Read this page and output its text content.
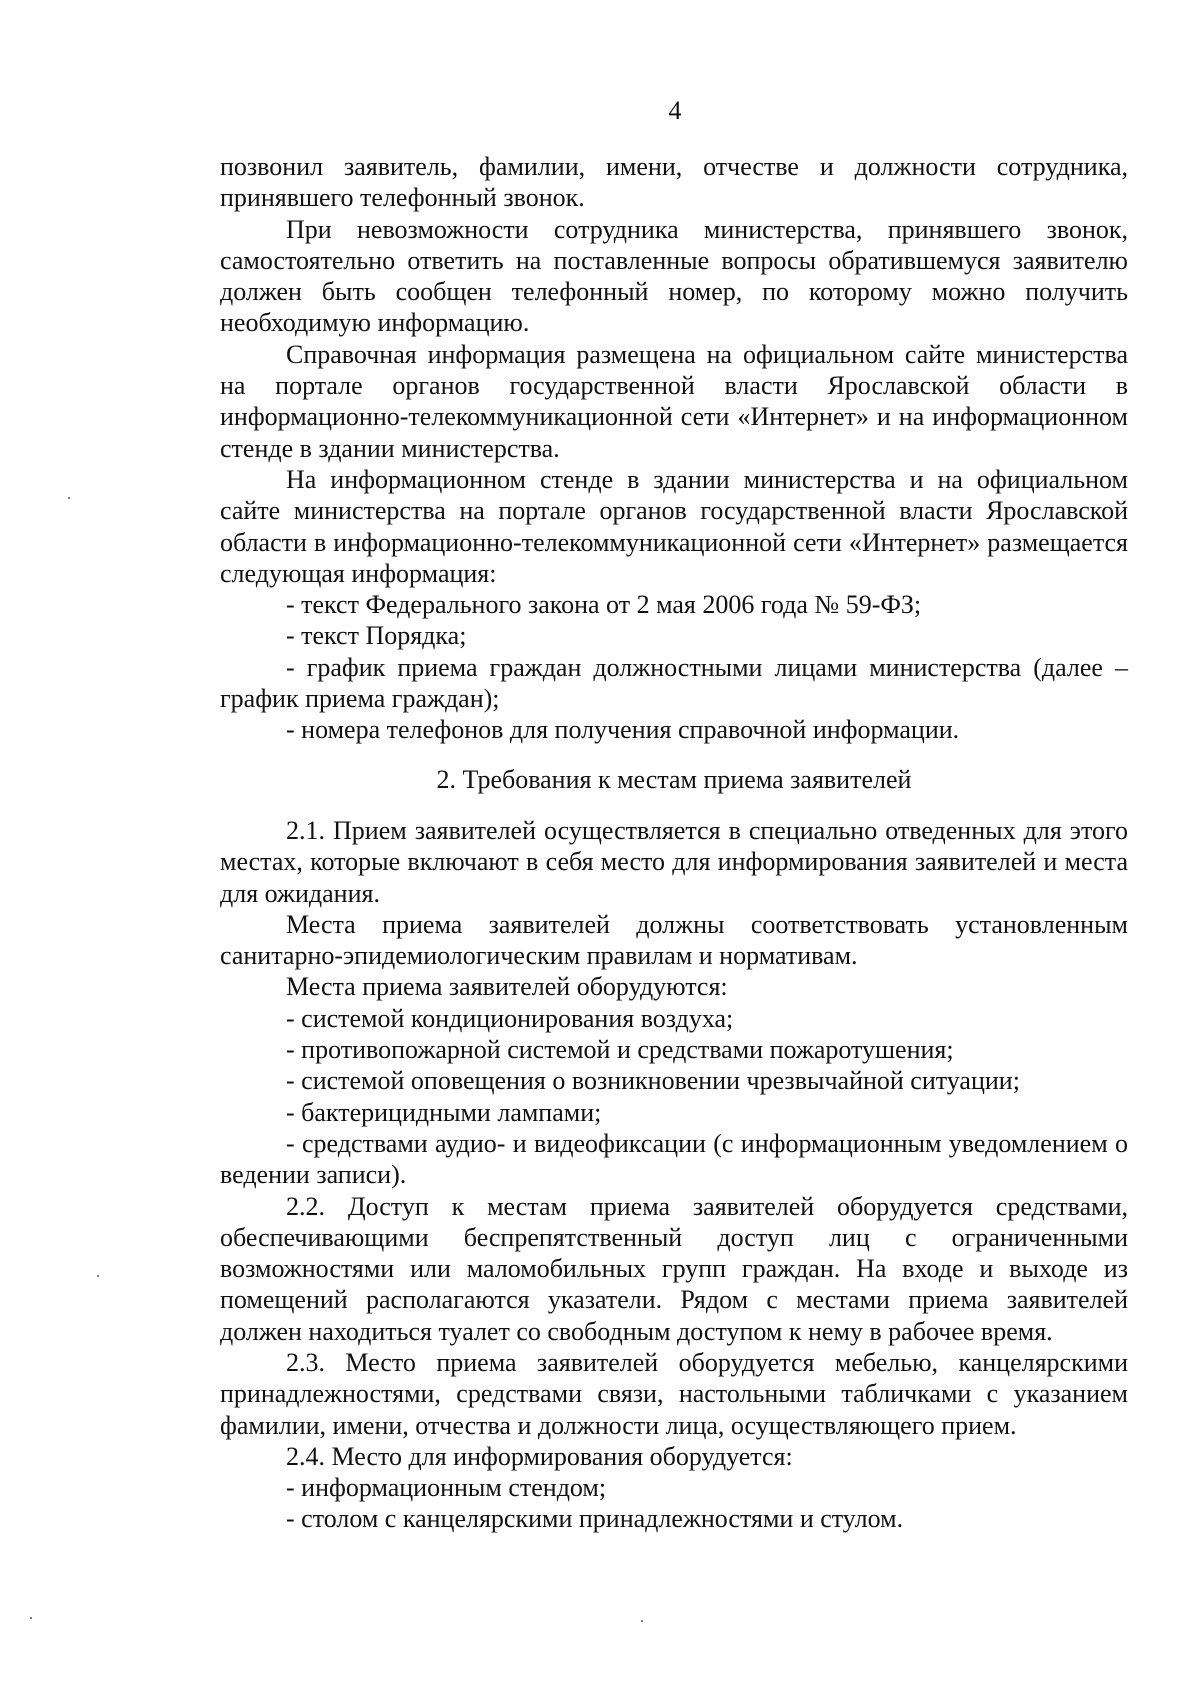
4

позвонил заявитель, фамилии, имени, отчестве и должности сотрудника, принявшего телефонный звонок.

При невозможности сотрудника министерства, принявшего звонок, самостоятельно ответить на поставленные вопросы обратившемуся заявителю должен быть сообщен телефонный номер, по которому можно получить необходимую информацию.

Справочная информация размещена на официальном сайте министерства на портале органов государственной власти Ярославской области в информационно-телекоммуникационной сети «Интернет» и на информационном стенде в здании министерства.

На информационном стенде в здании министерства и на официальном сайте министерства на портале органов государственной власти Ярославской области в информационно-телекоммуникационной сети «Интернет» размещается следующая информация:

- текст Федерального закона от 2 мая 2006 года № 59-ФЗ;

- текст Порядка;

- график приема граждан должностными лицами министерства (далее – график приема граждан);

- номера телефонов для получения справочной информации.

2. Требования к местам приема заявителей

2.1. Прием заявителей осуществляется в специально отведенных для этого местах, которые включают в себя место для информирования заявителей и места для ожидания.

Места приема заявителей должны соответствовать установленным санитарно-эпидемиологическим правилам и нормативам.

Места приема заявителей оборудуются:

- системой кондиционирования воздуха;

- противопожарной системой и средствами пожаротушения;

- системой оповещения о возникновении чрезвычайной ситуации;

- бактерицидными лампами;

- средствами аудио- и видеофиксации (с информационным уведомлением о ведении записи).

2.2. Доступ к местам приема заявителей оборудуется средствами, обеспечивающими беспрепятственный доступ лиц с ограниченными возможностями или маломобильных групп граждан. На входе и выходе из помещений располагаются указатели. Рядом с местами приема заявителей должен находиться туалет со свободным доступом к нему в рабочее время.

2.3. Место приема заявителей оборудуется мебелью, канцелярскими принадлежностями, средствами связи, настольными табличками с указанием фамилии, имени, отчества и должности лица, осуществляющего прием.

2.4. Место для информирования оборудуется:

- информационным стендом;

- столом с канцелярскими принадлежностями и стулом.
